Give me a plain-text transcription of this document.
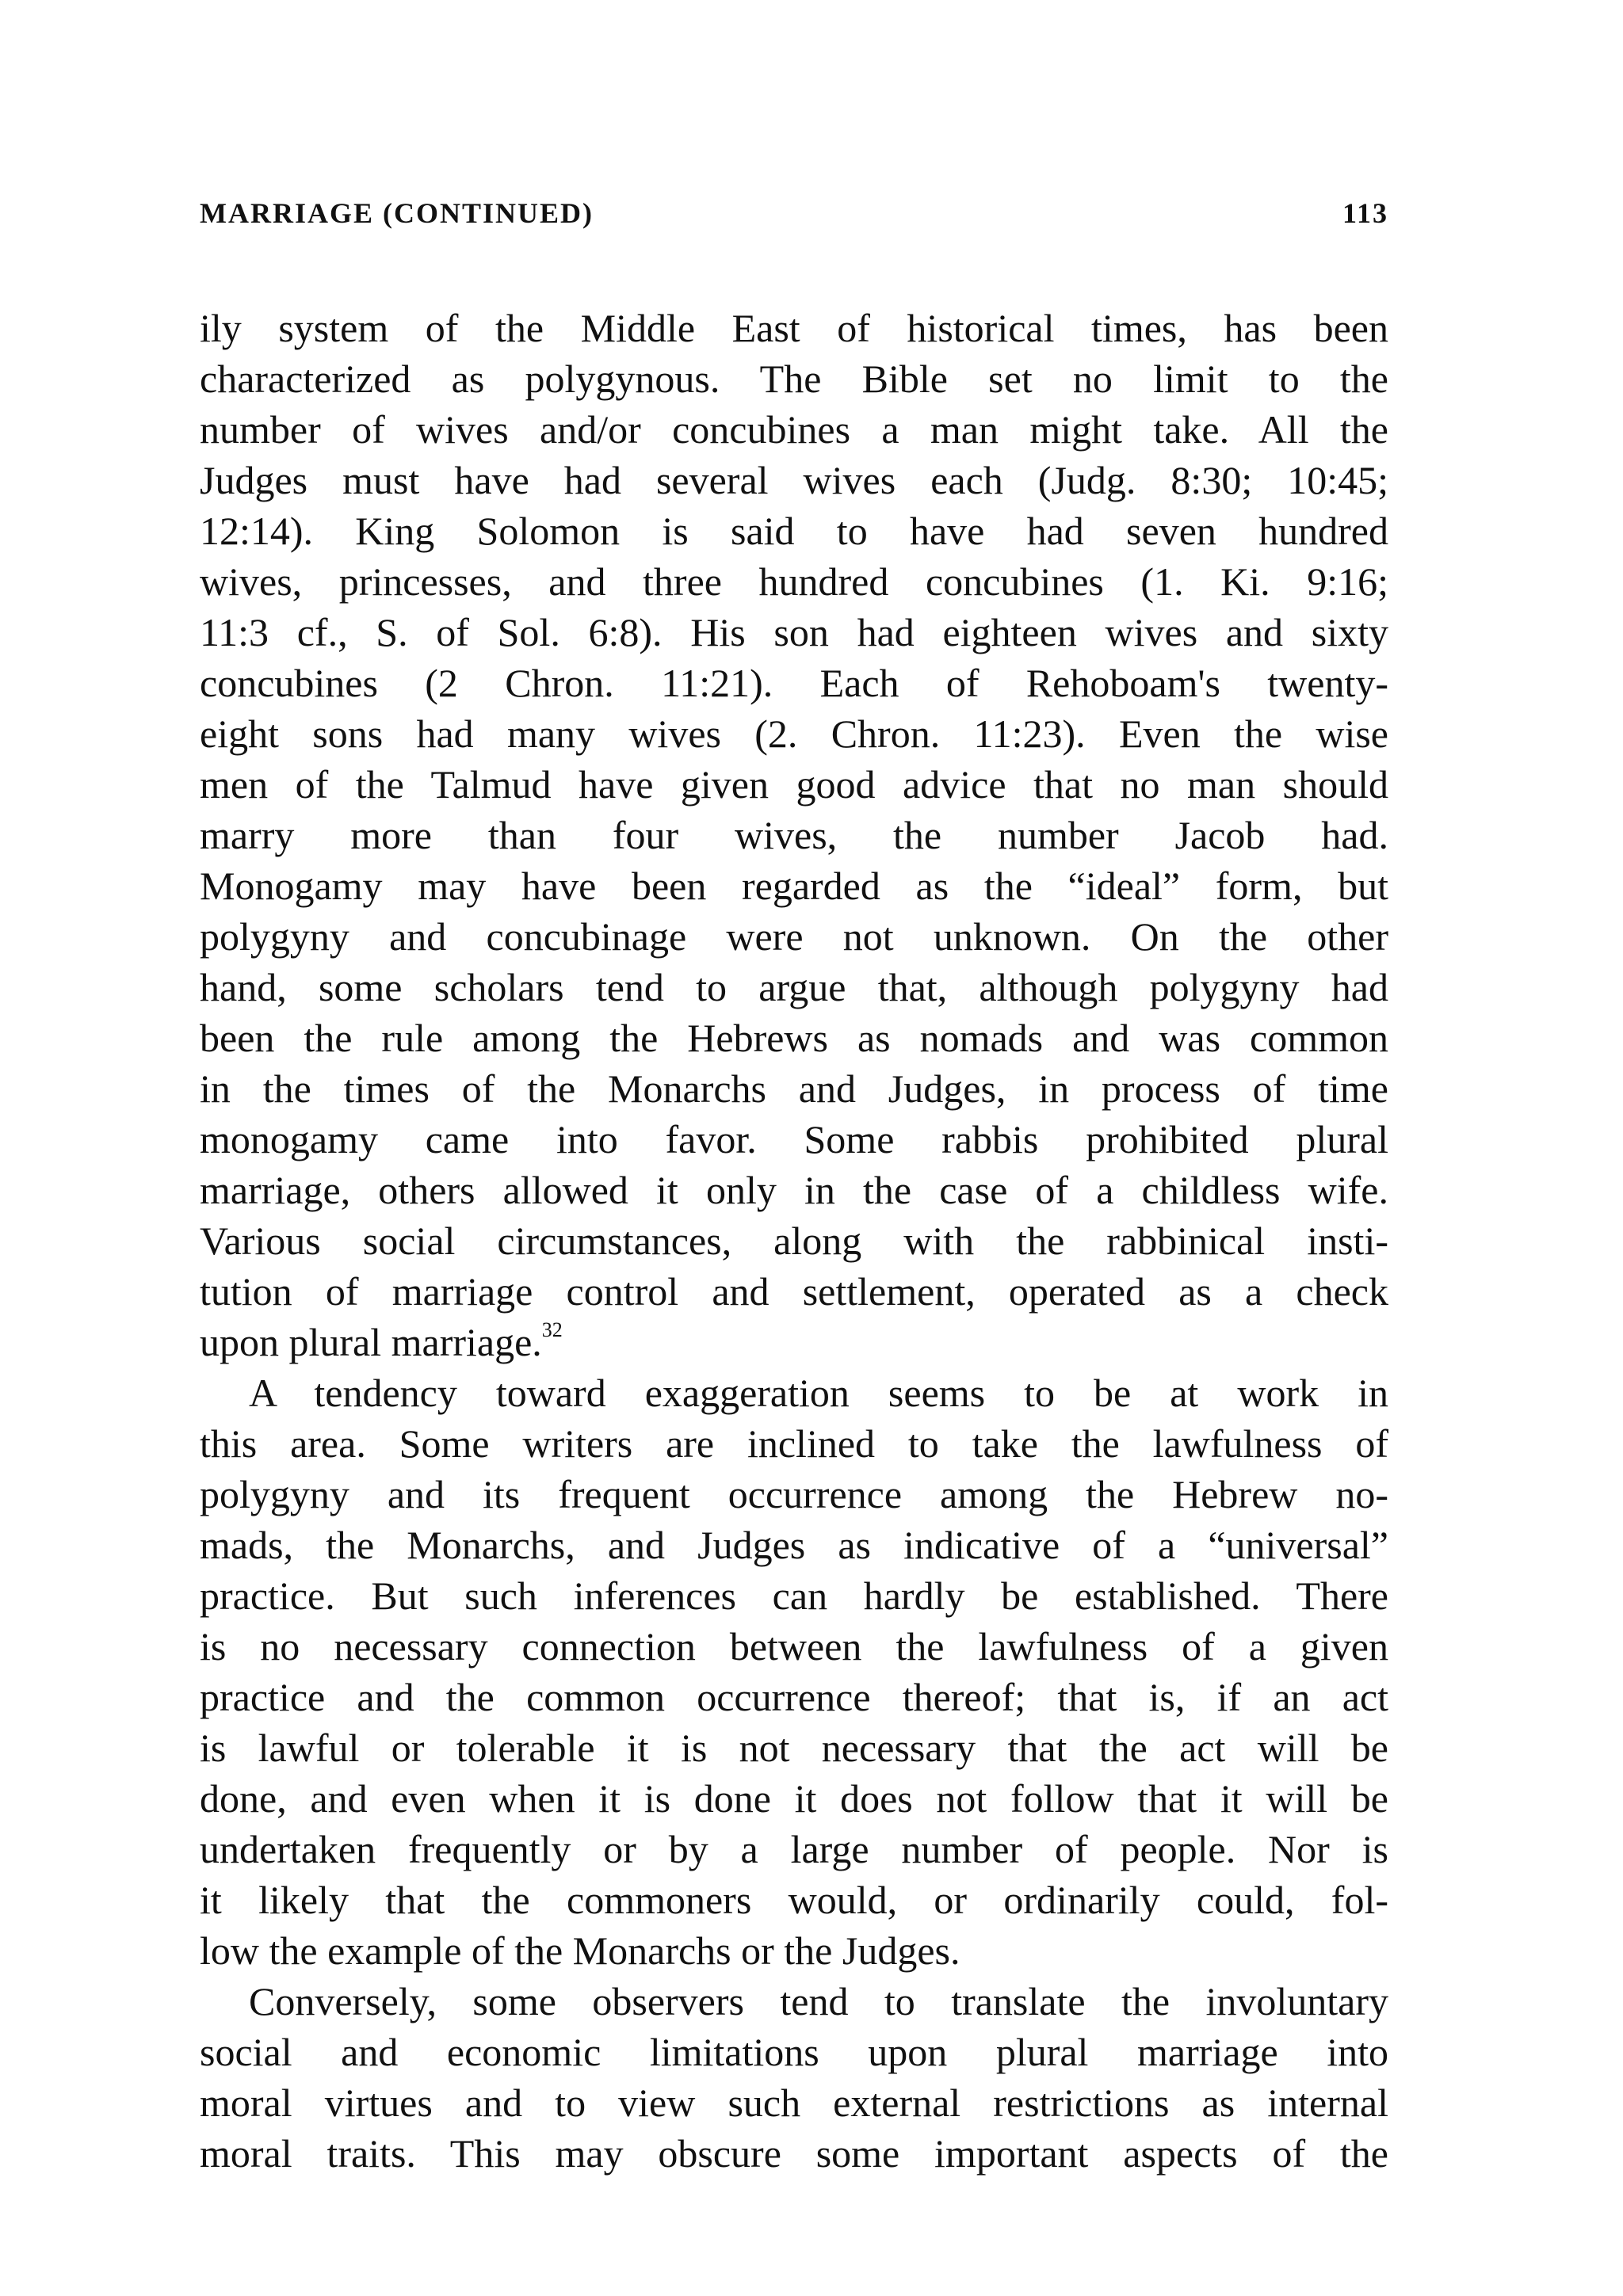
MARRIAGE (CONTINUED)	113
ily system of the Middle East of historical times, has been
characterized as polygynous. The Bible set no limit to the
number of wives and/or concubines a man might take. All the
Judges must have had several wives each (Judg. 8:30; 10:45;
12:14). King Solomon is said to have had seven hundred
wives, princesses, and three hundred concubines (1. Ki. 9:16;
11:3 cf., S. of Sol. 6:8). His son had eighteen wives and sixty
concubines (2 Chron. 11:21). Each of Rehoboam's twenty-
eight sons had many wives (2. Chron. 11:23). Even the wise
men of the Talmud have given good advice that no man should
marry more than four wives, the number Jacob had.
Monogamy may have been regarded as the “ideal” form, but
polygyny and concubinage were not unknown. On the other
hand, some scholars tend to argue that, although polygyny had
been the rule among the Hebrews as nomads and was common
in the times of the Monarchs and Judges, in process of time
monogamy came into favor. Some rabbis prohibited plural
marriage, others allowed it only in the case of a childless wife.
Various social circumstances, along with the rabbinical insti-
tution of marriage control and settlement, operated as a check
upon plural marriage.$^{32}$
A tendency toward exaggeration seems to be at work in
this area. Some writers are inclined to take the lawfulness of
polygyny and its frequent occurrence among the Hebrew no-
mads, the Monarchs, and Judges as indicative of a “universal”
practice. But such inferences can hardly be established. There
is no necessary connection between the lawfulness of a given
practice and the common occurrence thereof; that is, if an act
is lawful or tolerable it is not necessary that the act will be
done, and even when it is done it does not follow that it will be
undertaken frequently or by a large number of people. Nor is
it likely that the commoners would, or ordinarily could, fol-
low the example of the Monarchs or the Judges.
Conversely, some observers tend to translate the involuntary
social and economic limitations upon plural marriage into
moral virtues and to view such external restrictions as internal
moral traits. This may obscure some important aspects of the
